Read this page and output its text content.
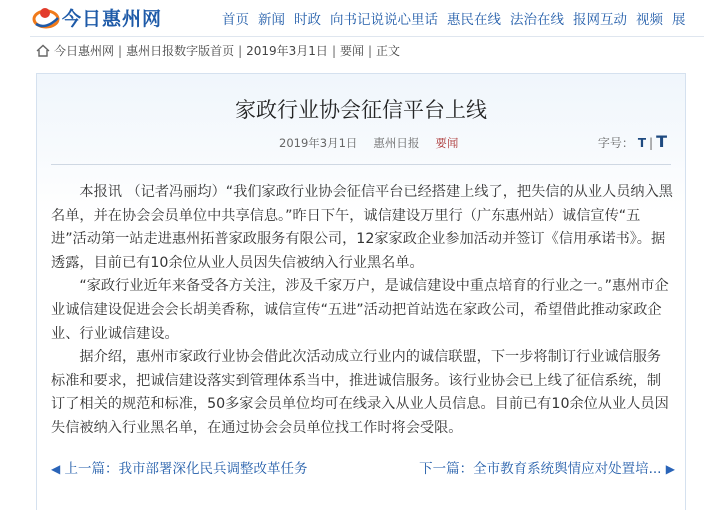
今日惠州网	首页 新闻 时政 向书记说说心里话 惠民在线 法治在线 报网互动 视频 展
今日惠州网 | 惠州日报数字版首页 | 2019年3月1日 | 要闻 | 正文
家政行业协会征信平台上线
2019年3月1日 惠州日报 要闻	字号： T | T

本报讯 （记者冯丽均）“我们家政行业协会征信平台已经搭建上线了，把失信的从业人员纳入黑名单，并在协会会员单位中共享信息。”昨日下午，诚信建设万里行（广东惠州站）诚信宣传“五进”活动第一站走进惠州拓普家政服务有限公司，12家家政企业参加活动并签订《信用承诺书》。据透露，目前已有10余位从业人员因失信被纳入行业黑名单。

“家政行业近年来备受各方关注，涉及千家万户，是诚信建设中重点培育的行业之一。”惠州市企业诚信建设促进会会长胡美香称，诚信宣传“五进”活动把首站选在家政公司，希望借此推动家政企业、行业诚信建设。

据介绍，惠州市家政行业协会借此次活动成立行业内的诚信联盟，下一步将制订行业诚信服务标准和要求，把诚信建设落实到管理体系当中，推进诚信服务。该行业协会已上线了征信系统，制订了相关的规范和标准，50多家会员单位均可在线录入从业人员信息。目前已有10余位从业人员因失信被纳入行业黑名单，在通过协会会员单位找工作时将会受限。

◀ 上一篇：我市部署深化民兵调整改革任务	下一篇：全市教育系统舆情应对处置培... ▶
